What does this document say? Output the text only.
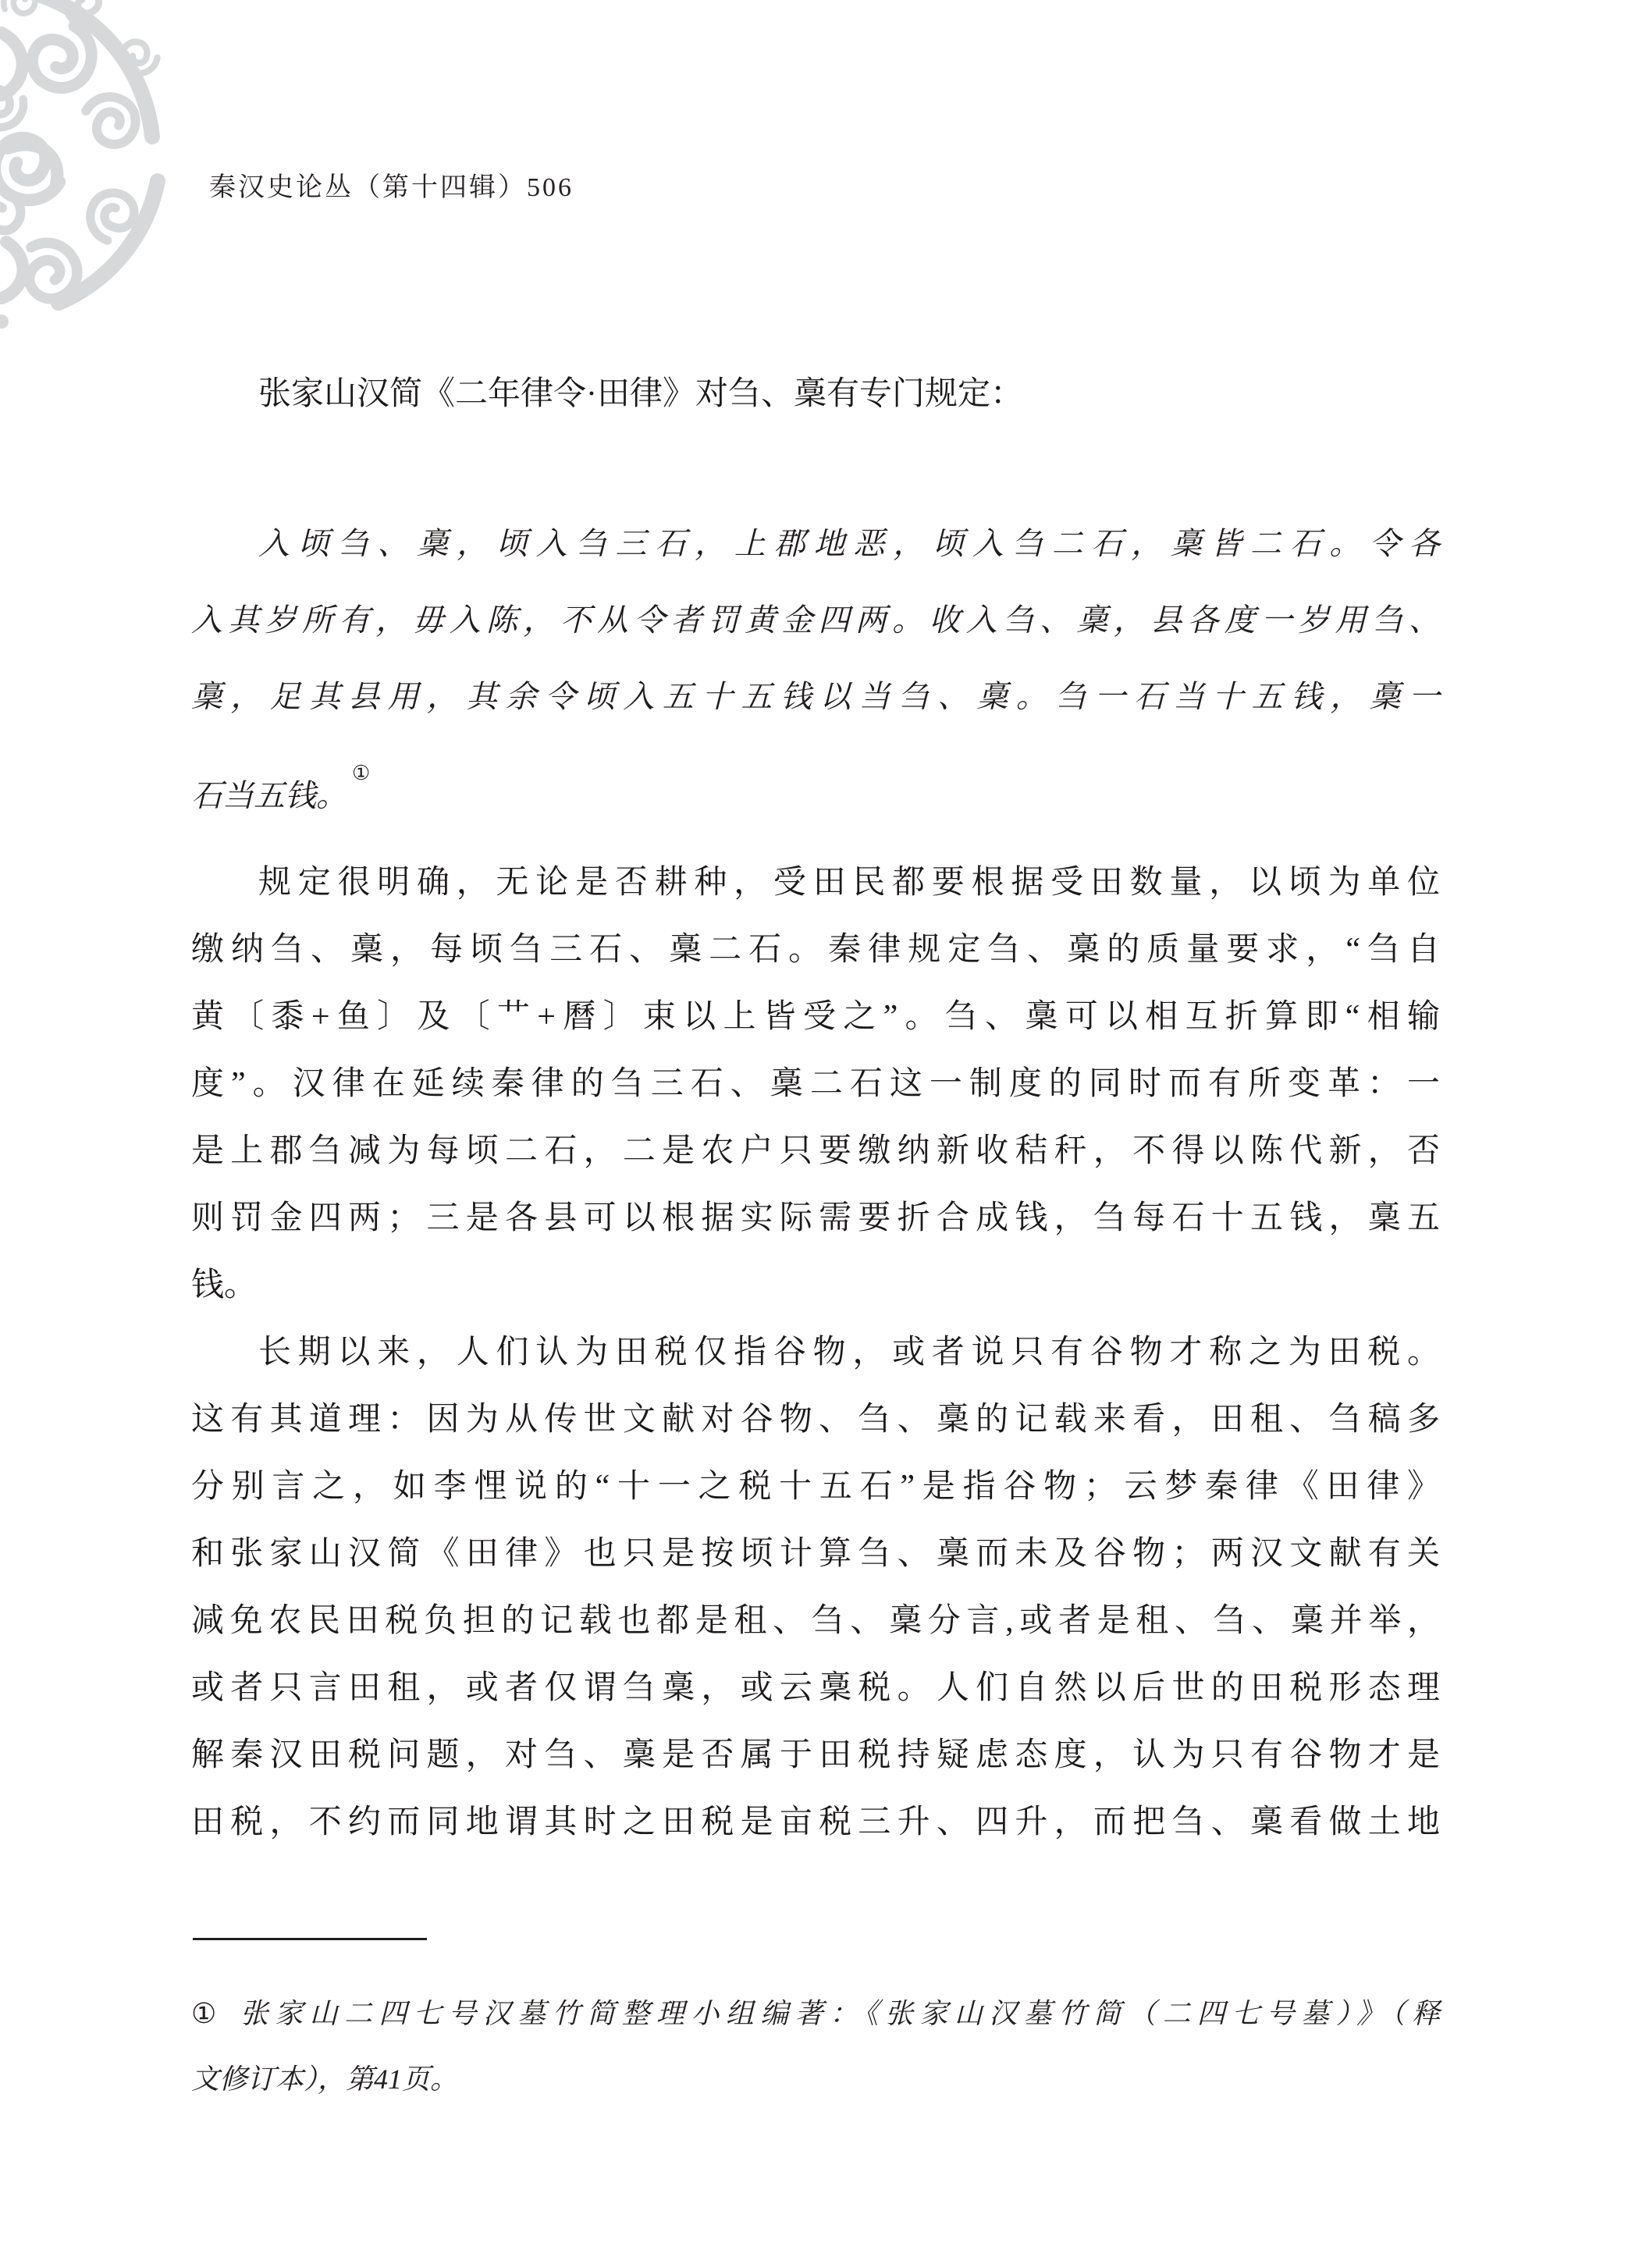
秦汉史论丛（第十四辑）506
张家山汉简《二年律令·田律》对刍、稾有专门规定：
入顷刍、稾，顷入刍三石，上郡地恶，顷入刍二石，稾皆二石。令各
入其岁所有，毋入陈，不从令者罚黄金四两。收入刍、稾，县各度一岁用刍、
稾，足其县用，其余令顷入五十五钱以当刍、稾。刍一石当十五钱，稾一
石当五钱。①
规定很明确，无论是否耕种，受田民都要根据受田数量，以顷为单位
缴纳刍、稾，每顷刍三石、稾二石。秦律规定刍、稾的质量要求，“刍自
黄〔黍+鱼〕及〔艹+曆〕束以上皆受之”。刍、稾可以相互折算即“相输
度”。汉律在延续秦律的刍三石、稾二石这一制度的同时而有所变革：一
是上郡刍减为每顷二石，二是农户只要缴纳新收秸秆，不得以陈代新，否
则罚金四两；三是各县可以根据实际需要折合成钱，刍每石十五钱，稾五
钱。
长期以来，人们认为田税仅指谷物，或者说只有谷物才称之为田税。
这有其道理：因为从传世文献对谷物、刍、稾的记载来看，田租、刍稿多
分别言之，如李悝说的“十一之税十五石”是指谷物；云梦秦律《田律》
和张家山汉简《田律》也只是按顷计算刍、稾而未及谷物；两汉文献有关
减免农民田税负担的记载也都是租、刍、稾分言,或者是租、刍、稾并举，
或者只言田租，或者仅谓刍稾，或云稾税。人们自然以后世的田税形态理
解秦汉田税问题，对刍、稾是否属于田税持疑虑态度，认为只有谷物才是
田税，不约而同地谓其时之田税是亩税三升、四升，而把刍、稾看做土地
① 张家山二四七号汉墓竹简整理小组编著：《张家山汉墓竹简（二四七号墓）》（释
文修订本），第41页。
